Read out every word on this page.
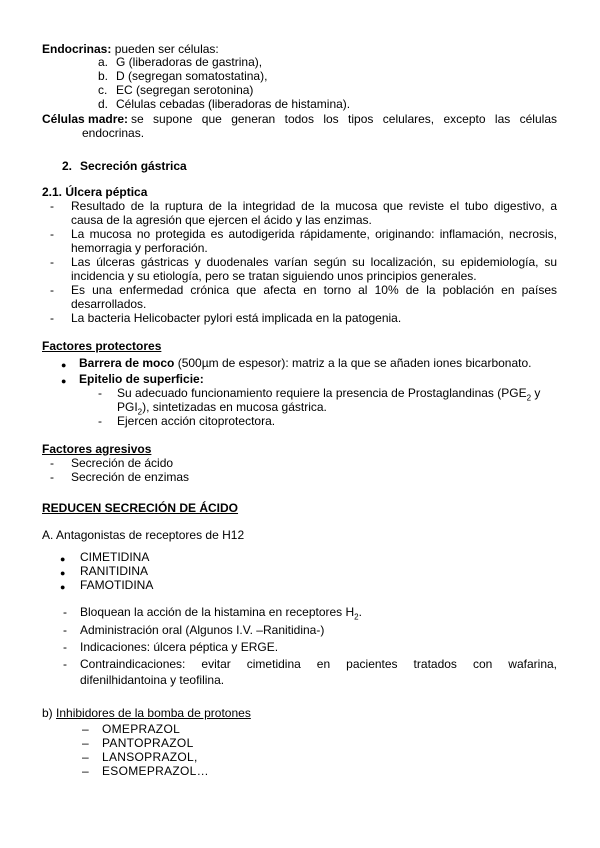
Endocrinas: pueden ser células:
a. G (liberadoras de gastrina),
b. D (segregan somatostatina),
c. EC (segregan serotonina)
d. Células cebadas (liberadoras de histamina).
Células madre: se supone que generan todos los tipos celulares, excepto las células
endocrinas.
2. Secreción gástrica
2.1. Úlcera péptica
- Resultado de la ruptura de la integridad de la mucosa que reviste el tubo digestivo, a
causa de la agresión que ejercen el ácido y las enzimas.
- La mucosa no protegida es autodigerida rápidamente, originando: inflamación, necrosis,
hemorragia y perforación.
- Las úlceras gástricas y duodenales varían según su localización, su epidemiología, su
incidencia y su etiología, pero se tratan siguiendo unos principios generales.
- Es una enfermedad crónica que afecta en torno al 10% de la población en países
desarrollados.
- La bacteria Helicobacter pylori está implicada en la patogenia.
Factores protectores
●
Barrera de moco (500µm de espesor): matriz a la que se añaden iones bicarbonato.
●
Epitelio de superficie:
- Su adecuado funcionamiento requiere la presencia de Prostaglandinas ($PGE_2$ y
$PGI_2$), sintetizadas en mucosa gástrica.
- Ejercen acción citoprotectora.
Factores agresivos
- Secreción de ácido
- Secreción de enzimas
REDUCEN SECRECIÓN DE ÁCIDO
A. Antagonistas de receptores de H12
●
CIMETIDINA
●
RANITIDINA
●
FAMOTIDINA
- Bloquean la acción de la histamina en receptores $H_2$.
- Administración oral (Algunos I.V. –Ranitidina-)
- Indicaciones: úlcera péptica y ERGE.
- Contraindicaciones: evitar cimetidina en pacientes tratados con wafarina,
difenilhidantoina y teofilina.
b) Inhibidores de la bomba de protones
– OMEPRAZOL
– PANTOPRAZOL
– LANSOPRAZOL,
– ESOMEPRAZOL…
